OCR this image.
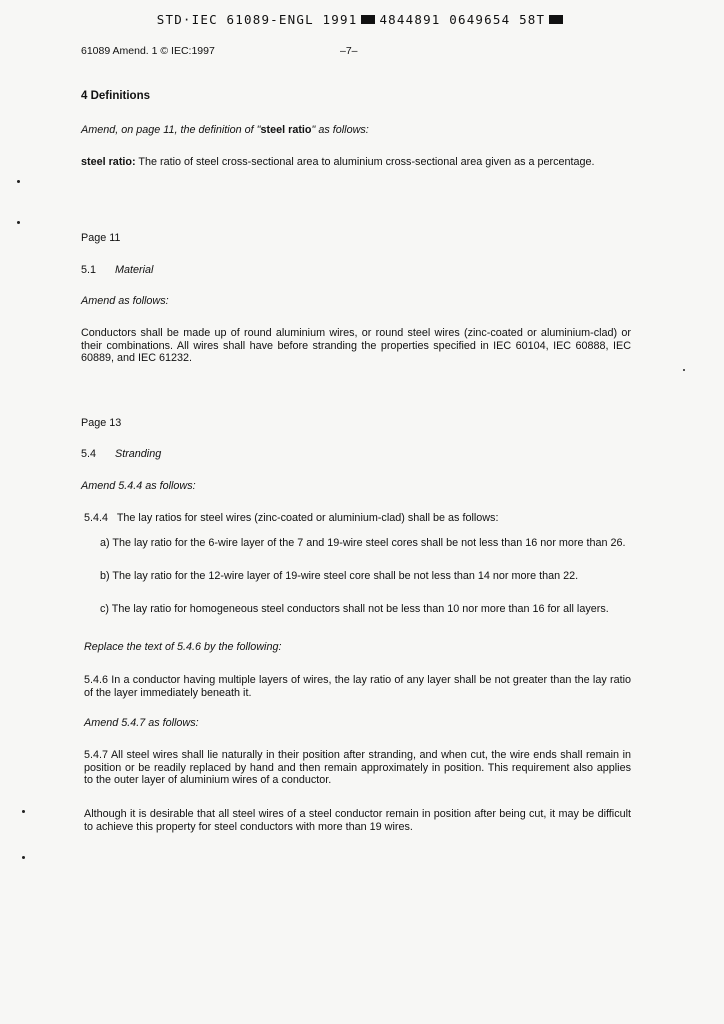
STD·IEC 61089-ENGL 1991 4844891 0649654 58T
61089 Amend. 1 © IEC:1997	–7–
4 Definitions
Amend, on page 11, the definition of "steel ratio" as follows:
steel ratio: The ratio of steel cross-sectional area to aluminium cross-sectional area given as a percentage.
Page 11
5.1 Material
Amend as follows:
Conductors shall be made up of round aluminium wires, or round steel wires (zinc-coated or aluminium-clad) or their combinations. All wires shall have before stranding the properties specified in IEC 60104, IEC 60888, IEC 60889, and IEC 61232.
Page 13
5.4 Stranding
Amend 5.4.4 as follows:
5.4.4   The lay ratios for steel wires (zinc-coated or aluminium-clad) shall be as follows:
a) The lay ratio for the 6-wire layer of the 7 and 19-wire steel cores shall be not less than 16 nor more than 26.
b) The lay ratio for the 12-wire layer of 19-wire steel core shall be not less than 14 nor more than 22.
c) The lay ratio for homogeneous steel conductors shall not be less than 10 nor more than 16 for all layers.
Replace the text of 5.4.6 by the following:
5.4.6 In a conductor having multiple layers of wires, the lay ratio of any layer shall be not greater than the lay ratio of the layer immediately beneath it.
Amend 5.4.7 as follows:
5.4.7 All steel wires shall lie naturally in their position after stranding, and when cut, the wire ends shall remain in position or be readily replaced by hand and then remain approximately in position. This requirement also applies to the outer layer of aluminium wires of a conductor.
Although it is desirable that all steel wires of a steel conductor remain in position after being cut, it may be difficult to achieve this property for steel conductors with more than 19 wires.
